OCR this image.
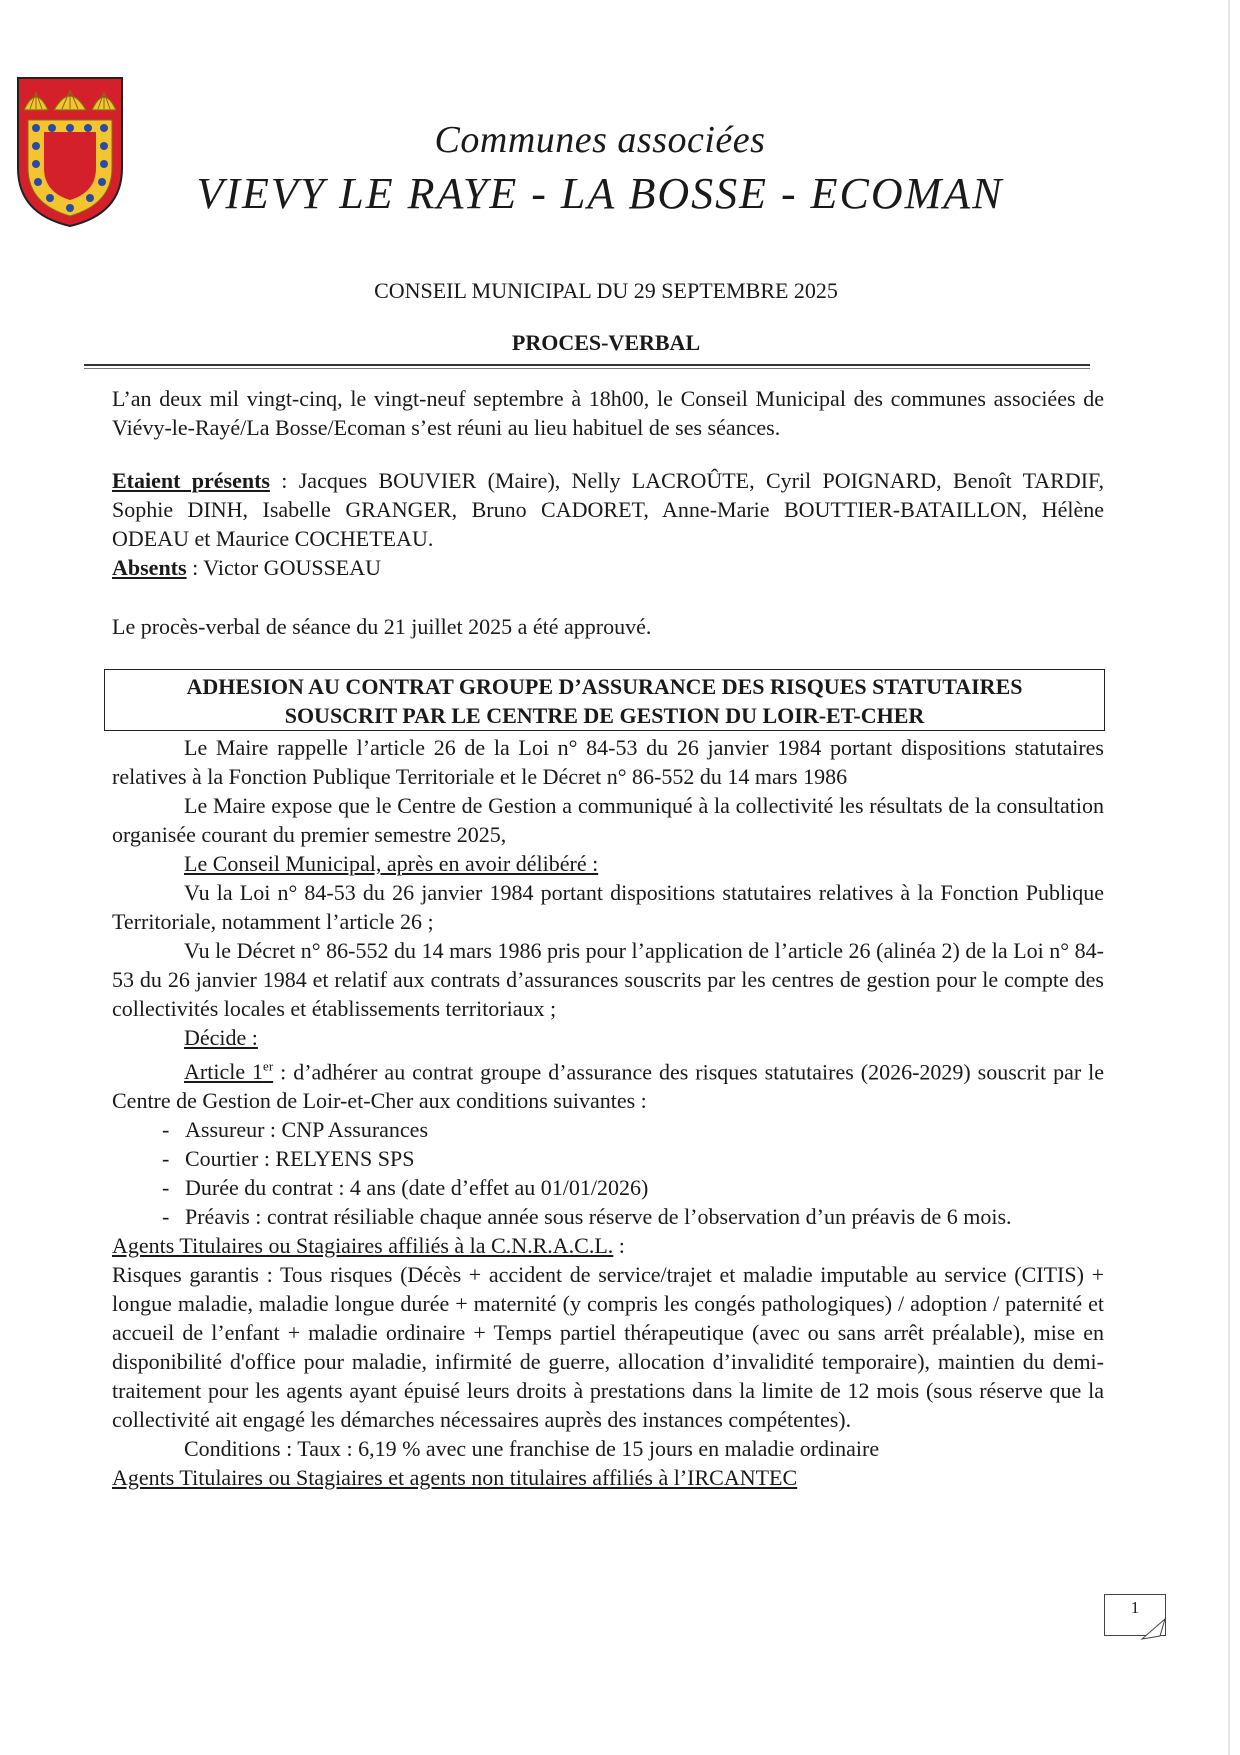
Communes associées
VIEVY LE RAYE - LA BOSSE - ECOMAN
CONSEIL MUNICIPAL DU 29 SEPTEMBRE 2025
PROCES-VERBAL
L’an deux mil vingt-cinq, le vingt-neuf septembre à 18h00, le Conseil Municipal des communes associées de Viévy-le-Rayé/La Bosse/Ecoman s’est réuni au lieu habituel de ses séances.
Etaient présents : Jacques BOUVIER (Maire), Nelly LACROÛTE, Cyril POIGNARD, Benoît TARDIF, Sophie DINH, Isabelle GRANGER, Bruno CADORET, Anne-Marie BOUTTIER-BATAILLON, Hélène ODEAU et Maurice COCHETEAU.
Absents : Victor GOUSSEAU
Le procès-verbal de séance du 21 juillet 2025 a été approuvé.
ADHESION AU CONTRAT GROUPE D’ASSURANCE DES RISQUES STATUTAIRES
SOUSCRIT PAR LE CENTRE DE GESTION DU LOIR-ET-CHER

Le Maire rappelle l’article 26 de la Loi n° 84-53 du 26 janvier 1984 portant dispositions statutaires relatives à la Fonction Publique Territoriale et le Décret n° 86-552 du 14 mars 1986

Le Maire expose que le Centre de Gestion a communiqué à la collectivité les résultats de la consultation organisée courant du premier semestre 2025,

Le Conseil Municipal, après en avoir délibéré :

Vu la Loi n° 84-53 du 26 janvier 1984 portant dispositions statutaires relatives à la Fonction Publique Territoriale, notamment l’article 26 ;

Vu le Décret n° 86-552 du 14 mars 1986 pris pour l’application de l’article 26 (alinéa 2) de la Loi n° 84-53 du 26 janvier 1984 et relatif aux contrats d’assurances souscrits par les centres de gestion pour le compte des collectivités locales et établissements territoriaux ;

Décide :

Article 1er : d’adhérer au contrat groupe d’assurance des risques statutaires (2026-2029) souscrit par le Centre de Gestion de Loir-et-Cher aux conditions suivantes :

- Assureur : CNP Assurances
- Courtier : RELYENS SPS
- Durée du contrat : 4 ans (date d’effet au 01/01/2026)
- Préavis : contrat résiliable chaque année sous réserve de l’observation d’un préavis de 6 mois.

Agents Titulaires ou Stagiaires affiliés à la C.N.R.A.C.L. :

Risques garantis : Tous risques (Décès + accident de service/trajet et maladie imputable au service (CITIS) + longue maladie, maladie longue durée + maternité (y compris les congés pathologiques) / adoption / paternité et accueil de l’enfant + maladie ordinaire + Temps partiel thérapeutique (avec ou sans arrêt préalable), mise en disponibilité d'office pour maladie, infirmité de guerre, allocation d’invalidité temporaire), maintien du demi-traitement pour les agents ayant épuisé leurs droits à prestations dans la limite de 12 mois (sous réserve que la collectivité ait engagé les démarches nécessaires auprès des instances compétentes).

Conditions : Taux : 6,19 % avec une franchise de 15 jours en maladie ordinaire

Agents Titulaires ou Stagiaires et agents non titulaires affiliés à l’IRCANTEC

1
